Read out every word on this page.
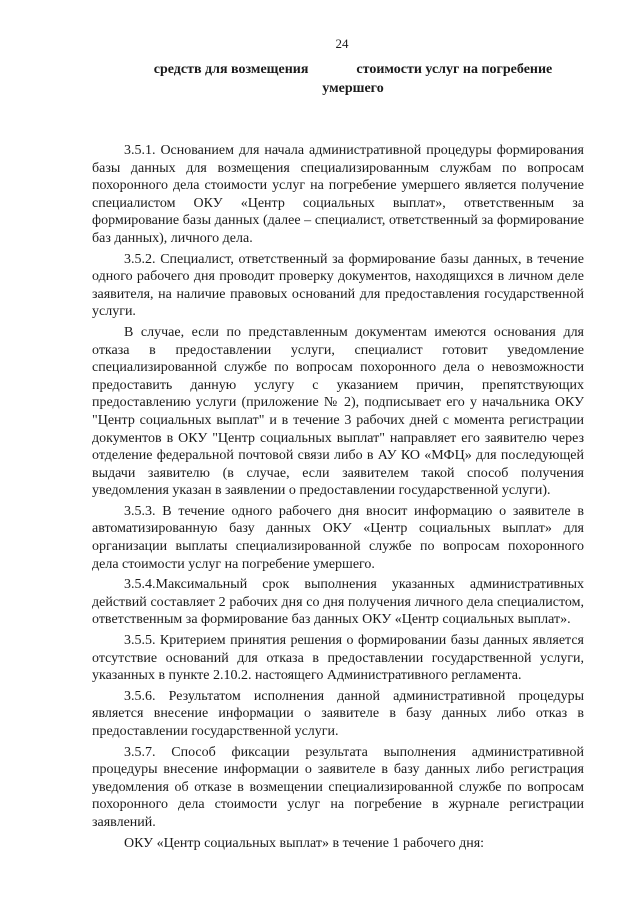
24
средств для возмещения	стоимости услуг на погребение
умершего

3.5.1. Основанием для начала административной процедуры формирования базы данных для возмещения специализированным службам по вопросам похоронного дела стоимости услуг на погребение умершего является получение специалистом ОКУ «Центр социальных выплат», ответственным за формирование базы данных (далее – специалист, ответственный за формирование баз данных), личного дела.

3.5.2. Специалист, ответственный за формирование базы данных, в течение одного рабочего дня проводит проверку документов, находящихся в личном деле заявителя, на наличие правовых оснований для предоставления государственной услуги.

В случае, если по представленным документам имеются основания для отказа в предоставлении услуги, специалист готовит уведомление специализированной службе по вопросам похоронного дела о невозможности предоставить данную услугу с указанием причин, препятствующих предоставлению услуги (приложение № 2), подписывает его у начальника ОКУ "Центр социальных выплат" и в течение 3 рабочих дней с момента регистрации документов в ОКУ "Центр социальных выплат" направляет его заявителю через отделение федеральной почтовой связи либо в АУ КО «МФЦ» для последующей выдачи заявителю (в случае, если заявителем такой способ получения уведомления указан в заявлении о предоставлении государственной услуги).

3.5.3. В течение одного рабочего дня вносит информацию о заявителе в автоматизированную базу данных ОКУ «Центр социальных выплат» для организации выплаты специализированной службе по вопросам похоронного дела стоимости услуг на погребение умершего.

3.5.4.Максимальный срок выполнения указанных административных действий составляет 2 рабочих дня со дня получения личного дела специалистом, ответственным за формирование баз данных ОКУ «Центр социальных выплат».

3.5.5. Критерием принятия решения о формировании базы данных является отсутствие оснований для отказа в предоставлении государственной услуги, указанных в пункте 2.10.2. настоящего Административного регламента.

3.5.6. Результатом исполнения данной административной процедуры является внесение информации о заявителе в базу данных либо отказ в предоставлении государственной услуги.

3.5.7. Способ фиксации результата выполнения административной процедуры внесение информации о заявителе в базу данных либо регистрация уведомления об отказе в возмещении специализированной службе по вопросам похоронного дела стоимости услуг на погребение в журнале регистрации заявлений.

ОКУ «Центр социальных выплат» в течение 1 рабочего дня:
